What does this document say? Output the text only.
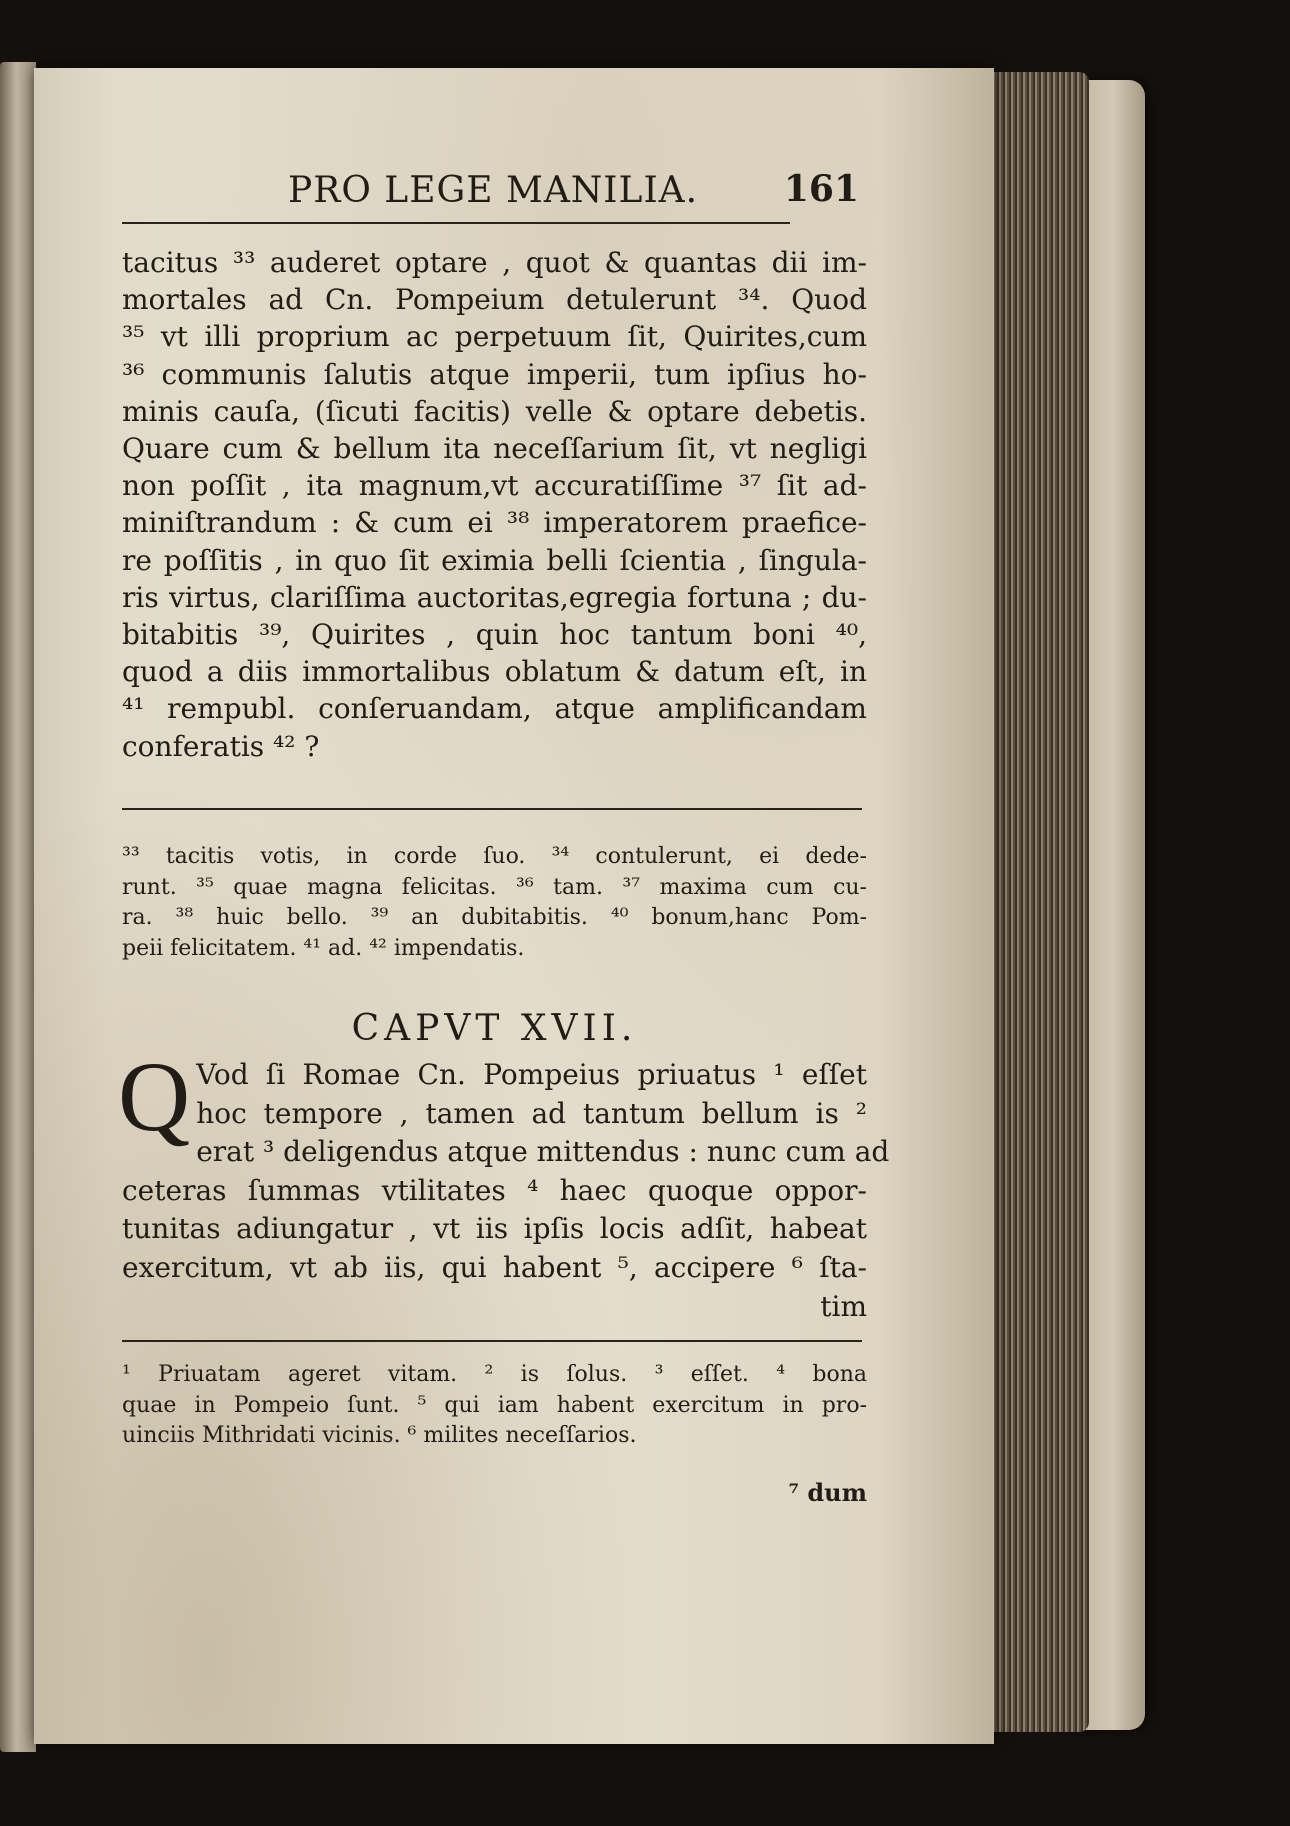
PRO LEGE MANILIA. 161
tacitus ³³ auderet optare , quot & quantas dii im-
mortales ad Cn. Pompeium detulerunt ³⁴. Quod
³⁵ vt illi proprium ac perpetuum ſit, Quirites,cum
³⁶ communis ſalutis atque imperii, tum ipſius ho-
minis cauſa, (ſicuti facitis) velle & optare debetis.
Quare cum & bellum ita neceſſarium ſit, vt negligi
non poſſit , ita magnum,vt accuratiſſime ³⁷ ſit ad-
miniſtrandum : & cum ei ³⁸ imperatorem praefice-
re poſſitis , in quo ſit eximia belli ſcientia , ſingula-
ris virtus, clariſſima auctoritas,egregia fortuna ; du-
bitabitis ³⁹, Quirites , quin hoc tantum boni ⁴⁰,
quod a diis immortalibus oblatum & datum eſt, in
⁴¹ rempubl. conſeruandam, atque amplificandam
conferatis ⁴² ?
³³ tacitis votis, in corde ſuo. ³⁴ contulerunt, ei dede-
runt. ³⁵ quae magna felicitas. ³⁶ tam. ³⁷ maxima cum cu-
ra. ³⁸ huic bello. ³⁹ an dubitabitis. ⁴⁰ bonum,hanc Pom-
peii felicitatem. ⁴¹ ad. ⁴² impendatis.
CAPVT XVII.
Q Vod ſi Romae Cn. Pompeius priuatus ¹ eſſet
hoc tempore , tamen ad tantum bellum is ²
erat ³ deligendus atque mittendus : nunc cum ad
ceteras ſummas vtilitates ⁴ haec quoque oppor-
tunitas adiungatur , vt iis ipſis locis adſit, habeat
exercitum, vt ab iis, qui habent ⁵, accipere ⁶ ſta-
tim
¹ Priuatam ageret vitam. ² is ſolus. ³ eſſet. ⁴ bona
quae in Pompeio ſunt. ⁵ qui iam habent exercitum in pro-
uinciis Mithridati vicinis. ⁶ milites neceſſarios.
⁷ dum
